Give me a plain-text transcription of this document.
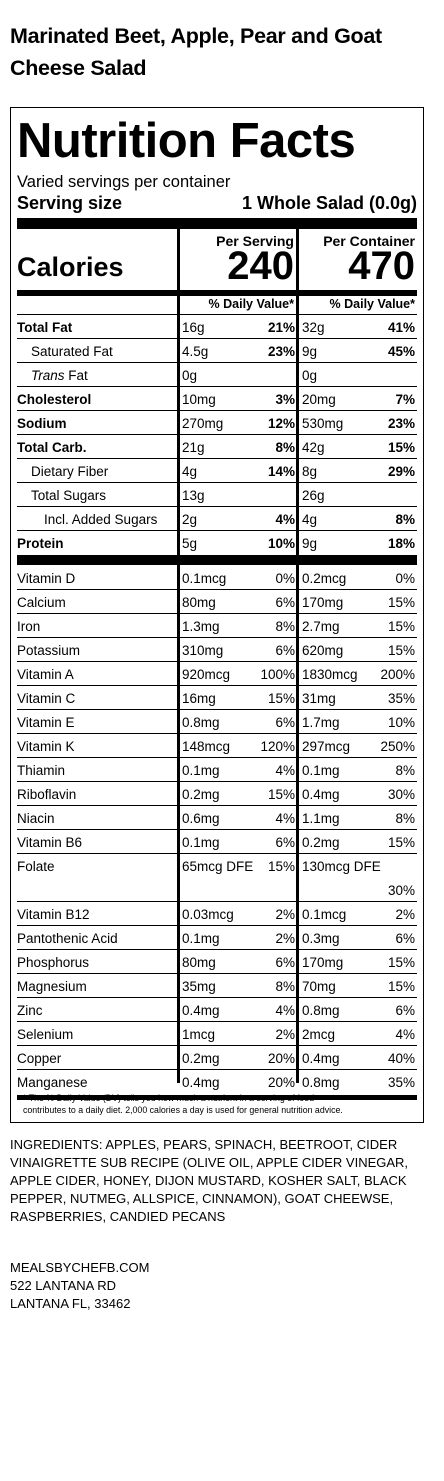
Marinated Beet, Apple, Pear and Goat Cheese Salad
Nutrition Facts
Varied servings per container
Serving size	1 Whole Salad (0.0g)
Per Serving	Per Container
Calories	240	470
% Daily Value*	% Daily Value*
Total Fat	16g	21% 32g	41%
Saturated Fat	4.5g	23% 9g	45%
Trans Fat	0g	0g
Cholesterol	10mg	3% 20mg	7%
Sodium	270mg	12% 530mg	23%
Total Carb.	21g	8% 42g	15%
Dietary Fiber	4g	14% 8g	29%
Total Sugars	13g	26g
Incl. Added Sugars 2g	4% 4g	8%
Protein	5g	10% 9g	18%
Vitamin D	0.1mcg	0% 0.2mcg	0%
Calcium	80mg	6% 170mg	15%
Iron	1.3mg	8% 2.7mg	15%
Potassium	310mg	6% 620mg	15%
Vitamin A	920mcg 100% 1830mcg 200%
Vitamin C	16mg	15% 31mg	35%
Vitamin E	0.8mg	6% 1.7mg	10%
Vitamin K	148mcg 120% 297mcg 250%
Thiamin	0.1mg	4% 0.1mg	8%
Riboflavin	0.2mg	15% 0.4mg	30%
Niacin	0.6mg	4% 1.1mg	8%
Vitamin B6	0.1mg	6% 0.2mg	15%
Folate	65mcg DFE 15% 130mcg DFE
30%
Vitamin B12	0.03mcg	2% 0.1mcg	2%
Pantothenic Acid	0.1mg	2% 0.3mg	6%
Phosphorus	80mg	6% 170mg	15%
Magnesium	35mg	8% 70mg	15%
Zinc	0.4mg	4% 0.8mg	6%
Selenium	1mcg	2% 2mcg	4%
Copper	0.2mg	20% 0.4mg	40%
Manganese	0.4mg	20% 0.8mg	35%
* The % Daily Value (DV) tells you how much a nutrient in a serving of food
contributes to a daily diet. 2,000 calories a day is used for general nutrition advice.
INGREDIENTS: APPLES, PEARS, SPINACH, BEETROOT, CIDER VINAIGRETTE SUB RECIPE (OLIVE OIL, APPLE CIDER VINEGAR, APPLE CIDER, HONEY, DIJON MUSTARD, KOSHER SALT, BLACK PEPPER, NUTMEG, ALLSPICE, CINNAMON), GOAT CHEEWSE, RASPBERRIES, CANDIED PECANS
MEALSBYCHEFB.COM
522 LANTANA RD
LANTANA FL, 33462
